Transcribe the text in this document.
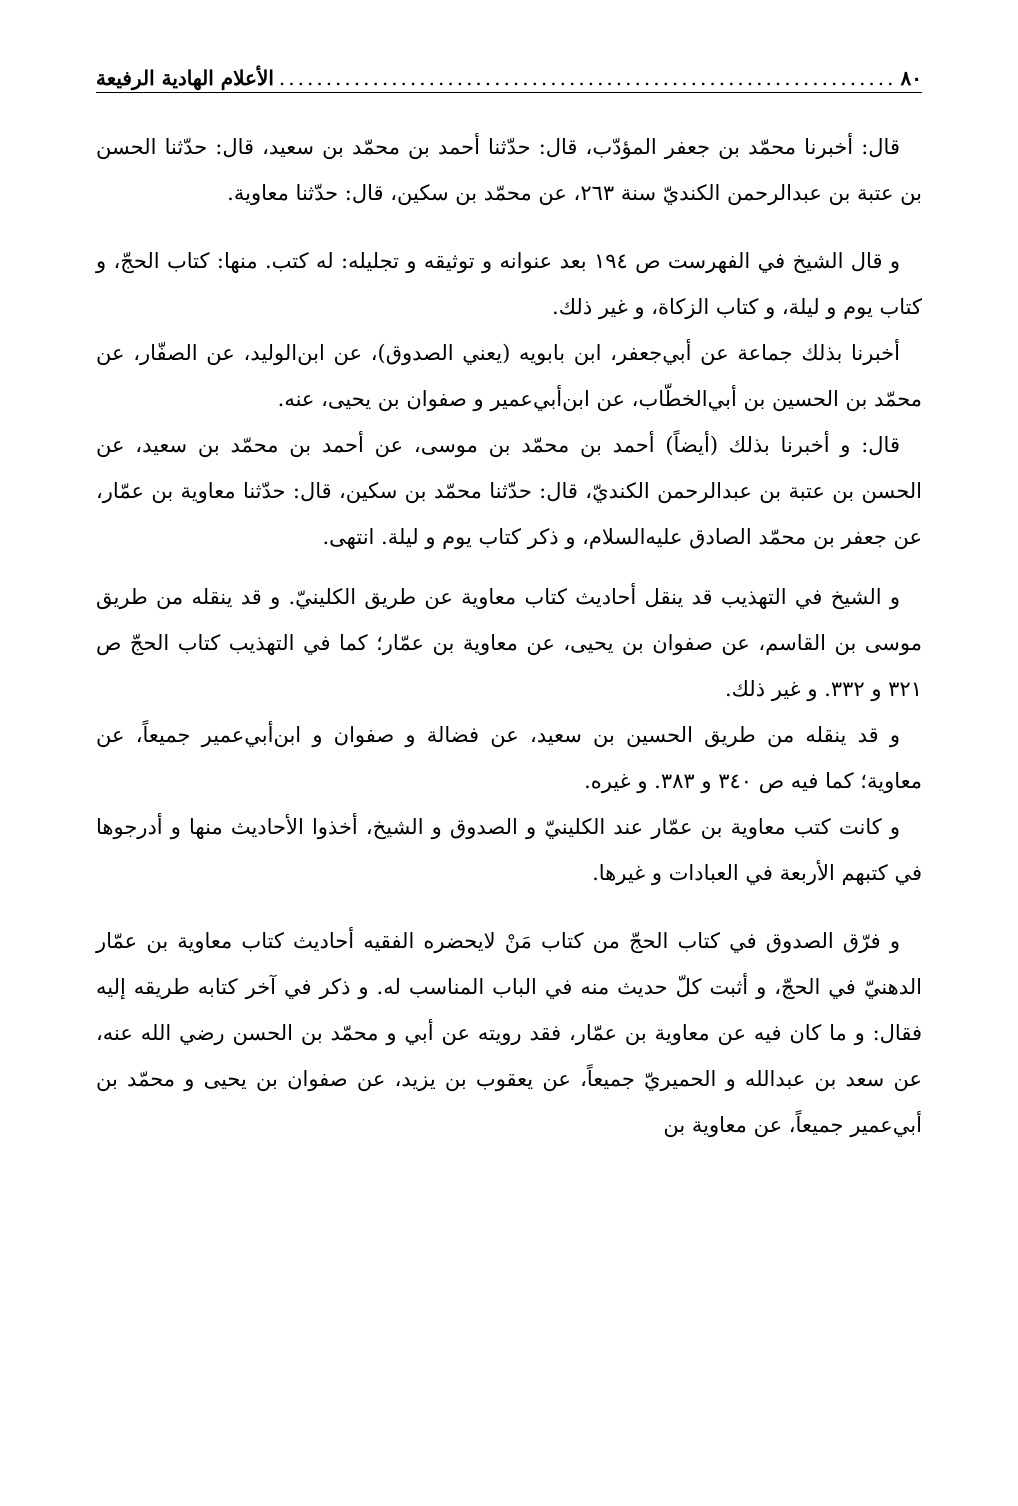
٨٠
.....
الأعلام الهادية الرفيعة

قال: أخبرنا محمّد بن جعفر المؤدّب، قال: حدّثنا أحمد بن محمّد بن سعيد، قال: حدّثنا الحسن بن عتبة بن عبدالرحمن الكنديّ سنة ٢٦٣، عن محمّد بن سكين، قال: حدّثنا معاوية.

و قال الشيخ في الفهرست ص ١٩٤ بعد عنوانه و توثيقه و تجليله: له كتب. منها: كتاب الحجّ، و كتاب يوم و ليلة، و كتاب الزكاة، و غير ذلك.

أخبرنا بذلك جماعة عن أبي‌جعفر، ابن بابويه (يعني الصدوق)، عن ابن‌الوليد، عن الصفّار، عن محمّد بن الحسين بن أبي‌الخطّاب، عن ابن‌أبي‌عمير و صفوان بن يحيى، عنه.

قال: و أخبرنا بذلك (أيضاً) أحمد بن محمّد بن موسى، عن أحمد بن محمّد بن سعيد، عن الحسن بن عتبة بن عبدالرحمن الكنديّ، قال: حدّثنا محمّد بن سكين، قال: حدّثنا معاوية بن عمّار، عن جعفر بن محمّد الصادق عليه‌السلام، و ذكر كتاب يوم و ليلة. انتهى.

و الشيخ في التهذيب قد ينقل أحاديث كتاب معاوية عن طريق الكلينيّ. و قد ينقله من طريق موسى بن القاسم، عن صفوان بن يحيى، عن معاوية بن عمّار؛ كما في التهذيب كتاب الحجّ ص ٣٢١ و ٣٣٢. و غير ذلك.

و قد ينقله من طريق الحسين بن سعيد، عن فضالة و صفوان و ابن‌أبي‌عمير جميعاً، عن معاوية؛ كما فيه ص ٣٤٠ و ٣٨٣. و غيره.

و كانت كتب معاوية بن عمّار عند الكلينيّ و الصدوق و الشيخ، أخذوا الأحاديث منها و أدرجوها في كتبهم الأربعة في العبادات و غيرها.

و فرّق الصدوق في كتاب الحجّ من كتاب مَنْ لايحضره الفقيه أحاديث كتاب معاوية بن عمّار الدهنيّ في الحجّ، و أثبت كلّ حديث منه في الباب المناسب له. و ذكر في آخر كتابه طريقه إليه فقال: و ما كان فيه عن معاوية بن عمّار، فقد رويته عن أبي و محمّد بن الحسن رضي الله عنه، عن سعد بن عبدالله و الحميريّ جميعاً، عن يعقوب بن يزيد، عن صفوان بن يحيى و محمّد بن أبي‌عمير جميعاً، عن معاوية بن
